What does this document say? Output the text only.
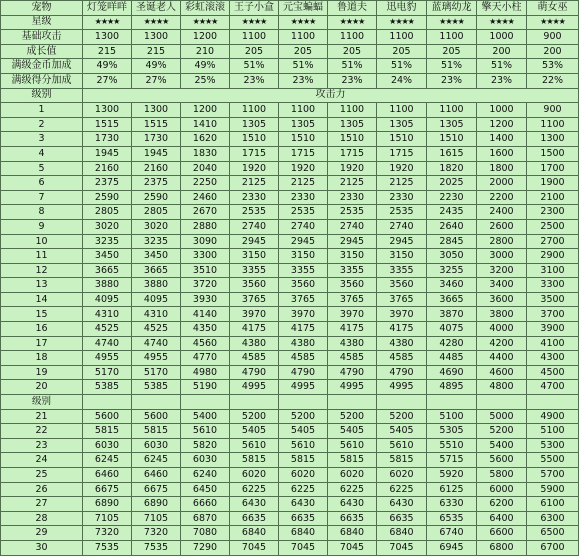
宠物	灯笼咩咩	圣诞老人	彩虹滚滚	王子小盒	元宝蝙蝠	鲁道夫	迅电豹	蓝璃幼龙	擎天小柱	萌女巫
星级	★★★★	★★★★	★★★★	★★★★	★★★★	★★★★	★★★★	★★★★	★★★★	★★★★
基础攻击	1300	1300	1200	1100	1100	1100	1100	1100	1000	900
成长值	215	215	210	205	205	205	205	205	200	200
满级金币加成	49%	49%	49%	51%	51%	51%	51%	51%	51%	53%
满级得分加成	27%	27%	25%	23%	23%	23%	24%	23%	23%	22%
级别	攻击力									
1	1300	1300	1200	1100	1100	1100	1100	1100	1000	900
2	1515	1515	1410	1305	1305	1305	1305	1305	1200	1100
3	1730	1730	1620	1510	1510	1510	1510	1510	1400	1300
4	1945	1945	1830	1715	1715	1715	1715	1615	1600	1500
5	2160	2160	2040	1920	1920	1920	1920	1820	1800	1700
6	2375	2375	2250	2125	2125	2125	2125	2025	2000	1900
7	2590	2590	2460	2330	2330	2330	2330	2230	2200	2100
8	2805	2805	2670	2535	2535	2535	2535	2435	2400	2300
9	3020	3020	2880	2740	2740	2740	2740	2640	2600	2500
10	3235	3235	3090	2945	2945	2945	2945	2845	2800	2700
11	3450	3450	3300	3150	3150	3150	3150	3050	3000	2900
12	3665	3665	3510	3355	3355	3355	3355	3255	3200	3100
13	3880	3880	3720	3560	3560	3560	3560	3460	3400	3300
14	4095	4095	3930	3765	3765	3765	3765	3665	3600	3500
15	4310	4310	4140	3970	3970	3970	3970	3870	3800	3700
16	4525	4525	4350	4175	4175	4175	4175	4075	4000	3900
17	4740	4740	4560	4380	4380	4380	4380	4280	4200	4100
18	4955	4955	4770	4585	4585	4585	4585	4485	4400	4300
19	5170	5170	4980	4790	4790	4790	4790	4690	4600	4500
20	5385	5385	5190	4995	4995	4995	4995	4895	4800	4700
级别										
21	5600	5600	5400	5200	5200	5200	5200	5100	5000	4900
22	5815	5815	5610	5405	5405	5405	5405	5305	5200	5100
23	6030	6030	5820	5610	5610	5610	5610	5510	5400	5300
24	6245	6245	6030	5815	5815	5815	5815	5715	5600	5500
25	6460	6460	6240	6020	6020	6020	6020	5920	5800	5700
26	6675	6675	6450	6225	6225	6225	6225	6125	6000	5900
27	6890	6890	6660	6430	6430	6430	6430	6330	6200	6100
28	7105	7105	6870	6635	6635	6635	6635	6535	6400	6300
29	7320	7320	7080	6840	6840	6840	6840	6740	6600	6500
30	7535	7535	7290	7045	7045	7045	7045	6945	6800	6700
